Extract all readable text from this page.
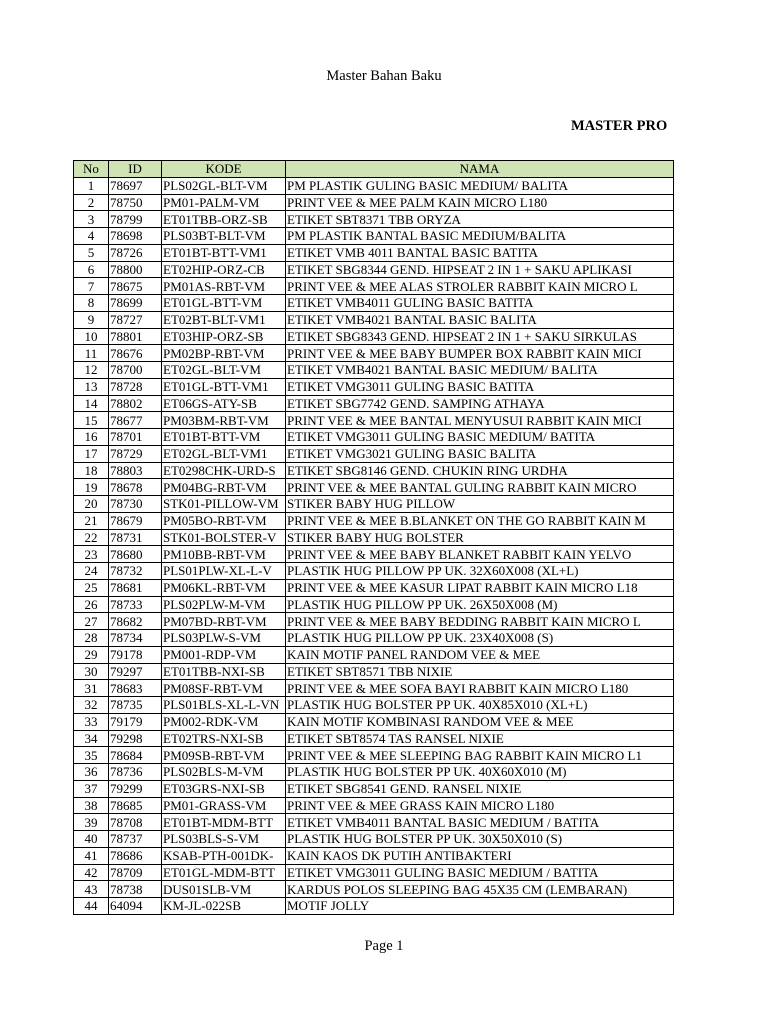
Master Bahan Baku
MASTER PRO
No	ID	KODE	NAMA
1	78697	PLS02GL-BLT-VM	PM PLASTIK GULING BASIC MEDIUM/ BALITA
2	78750	PM01-PALM-VM	PRINT VEE & MEE PALM KAIN MICRO L180
3	78799	ET01TBB-ORZ-SB	ETIKET SBT8371 TBB ORYZA
4	78698	PLS03BT-BLT-VM	PM PLASTIK BANTAL BASIC MEDIUM/BALITA
5	78726	ET01BT-BTT-VM1	ETIKET VMB 4011 BANTAL BASIC BATITA
6	78800	ET02HIP-ORZ-CB	ETIKET SBG8344 GEND. HIPSEAT 2 IN 1 + SAKU APLIKASI
7	78675	PM01AS-RBT-VM	PRINT VEE & MEE ALAS STROLER RABBIT KAIN MICRO L
8	78699	ET01GL-BTT-VM	ETIKET VMB4011 GULING BASIC BATITA
9	78727	ET02BT-BLT-VM1	ETIKET VMB4021 BANTAL BASIC BALITA
10	78801	ET03HIP-ORZ-SB	ETIKET SBG8343 GEND. HIPSEAT 2 IN 1 + SAKU SIRKULAS
11	78676	PM02BP-RBT-VM	PRINT VEE & MEE BABY BUMPER BOX RABBIT KAIN MICI
12	78700	ET02GL-BLT-VM	ETIKET VMB4021 BANTAL BASIC MEDIUM/ BALITA
13	78728	ET01GL-BTT-VM1	ETIKET VMG3011 GULING BASIC BATITA
14	78802	ET06GS-ATY-SB	ETIKET SBG7742 GEND. SAMPING ATHAYA
15	78677	PM03BM-RBT-VM	PRINT VEE & MEE BANTAL MENYUSUI RABBIT KAIN MICI
16	78701	ET01BT-BTT-VM	ETIKET VMG3011 GULING BASIC MEDIUM/ BATITA
17	78729	ET02GL-BLT-VM1	ETIKET VMG3021 GULING BASIC BALITA
18	78803	ET0298CHK-URD-S	ETIKET SBG8146 GEND. CHUKIN RING URDHA
19	78678	PM04BG-RBT-VM	PRINT VEE & MEE BANTAL GULING RABBIT KAIN MICRO
20	78730	STK01-PILLOW-VM	STIKER BABY HUG PILLOW
21	78679	PM05BO-RBT-VM	PRINT VEE & MEE B.BLANKET ON THE GO RABBIT KAIN M
22	78731	STK01-BOLSTER-V	STIKER BABY HUG BOLSTER
23	78680	PM10BB-RBT-VM	PRINT VEE & MEE BABY BLANKET RABBIT KAIN YELVO
24	78732	PLS01PLW-XL-L-V	PLASTIK HUG PILLOW PP UK. 32X60X008 (XL+L)
25	78681	PM06KL-RBT-VM	PRINT VEE & MEE KASUR LIPAT RABBIT KAIN MICRO L18
26	78733	PLS02PLW-M-VM	PLASTIK HUG PILLOW PP UK. 26X50X008 (M)
27	78682	PM07BD-RBT-VM	PRINT VEE & MEE BABY BEDDING RABBIT KAIN MICRO L
28	78734	PLS03PLW-S-VM	PLASTIK HUG PILLOW PP UK. 23X40X008 (S)
29	79178	PM001-RDP-VM	KAIN MOTIF PANEL RANDOM VEE & MEE
30	79297	ET01TBB-NXI-SB	ETIKET SBT8571 TBB NIXIE
31	78683	PM08SF-RBT-VM	PRINT VEE & MEE SOFA BAYI RABBIT KAIN MICRO L180
32	78735	PLS01BLS-XL-L-VN	PLASTIK HUG BOLSTER PP UK. 40X85X010 (XL+L)
33	79179	PM002-RDK-VM	KAIN MOTIF KOMBINASI RANDOM VEE & MEE
34	79298	ET02TRS-NXI-SB	ETIKET SBT8574 TAS RANSEL NIXIE
35	78684	PM09SB-RBT-VM	PRINT VEE & MEE SLEEPING BAG RABBIT KAIN MICRO L1
36	78736	PLS02BLS-M-VM	PLASTIK HUG BOLSTER PP UK. 40X60X010 (M)
37	79299	ET03GRS-NXI-SB	ETIKET SBG8541 GEND. RANSEL NIXIE
38	78685	PM01-GRASS-VM	PRINT VEE & MEE GRASS KAIN MICRO L180
39	78708	ET01BT-MDM-BTT	ETIKET VMB4011 BANTAL BASIC MEDIUM / BATITA
40	78737	PLS03BLS-S-VM	PLASTIK HUG BOLSTER PP UK. 30X50X010 (S)
41	78686	KSAB-PTH-001DK-	KAIN KAOS DK PUTIH ANTIBAKTERI
42	78709	ET01GL-MDM-BTT	ETIKET VMG3011 GULING BASIC MEDIUM / BATITA
43	78738	DUS01SLB-VM	KARDUS POLOS SLEEPING BAG 45X35 CM (LEMBARAN)
44	64094	KM-JL-022SB	MOTIF JOLLY
Page 1
